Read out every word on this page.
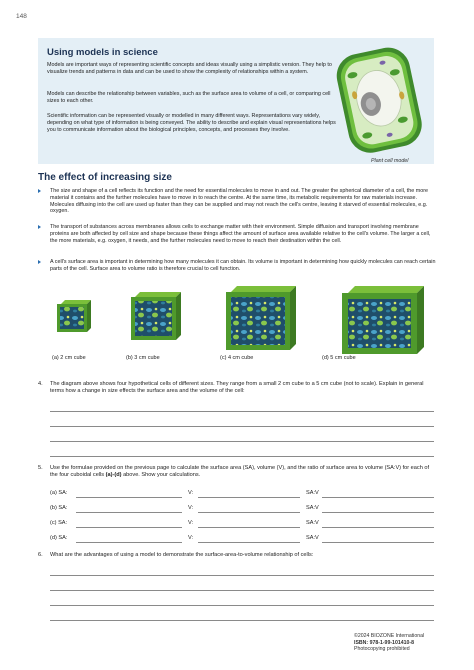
148
Using models in science
Models are important ways of representing scientific concepts and ideas visually using a simplistic version. They help to visualize trends and patterns in data and can be used to show the complexity of relationships within a system.
Models can describe the relationship between variables, such as the surface area to volume of a cell, or comparing cell sizes to each other.
Scientific information can be represented visually or modelled in many different ways. Representations vary widely, depending on what type of information is being conveyed. The ability to describe and explain visual representations helps you to communicate information about the biological principles, concepts, and processes they involve.
Plant cell model
The effect of increasing size
The size and shape of a cell reflects its function and the need for essential molecules to move in and out. The greater the spherical diameter of a cell, the more material it contains and the further molecules have to move in to reach the centre. At the same time, its metabolic requirements for raw materials increase. Molecules diffusing into the cell are used up faster than they can be supplied and may not reach the cell's centre, leaving it starved of essential molecules, e.g. oxygen.
The transport of substances across membranes allows cells to exchange matter with their environment. Simple diffusion and transport involving membrane proteins are both affected by cell size and shape because these things affect the amount of surface area available relative to the cell's volume. The larger a cell, the more materials, e.g. oxygen, it needs, and the further molecules need to move to reach their destination within the cell.
A cell's surface area is important in determining how many molecules it can obtain. Its volume is important in determining how quickly molecules can reach certain parts of the cell. Surface area to volume ratio is therefore crucial to cell function.
(a) 2 cm cube	(b) 3 cm cube	(c) 4 cm cube	(d) 5 cm cube
4. The diagram above shows four hypothetical cells of different sizes. They range from a small 2 cm cube to a 5 cm cube (not to scale). Explain in general terms how a change in size effects the surface area and the volume of the cell:
5. Use the formulae provided on the previous page to calculate the surface area (SA), volume (V), and the ratio of surface area to volume (SA:V) for each of the four cuboidal cells (a)-(d) above. Show your calculations.
(a) SA:	V:	SA:V
(b) SA:	V:	SA:V
(c) SA:	V:	SA:V
(d) SA:	V:	SA:V
6. What are the advantages of using a model to demonstrate the surface-area-to-volume relationship of cells:
©2024 BIOZONE International
ISBN: 978-1-99-101410-8
Photocopying prohibited
